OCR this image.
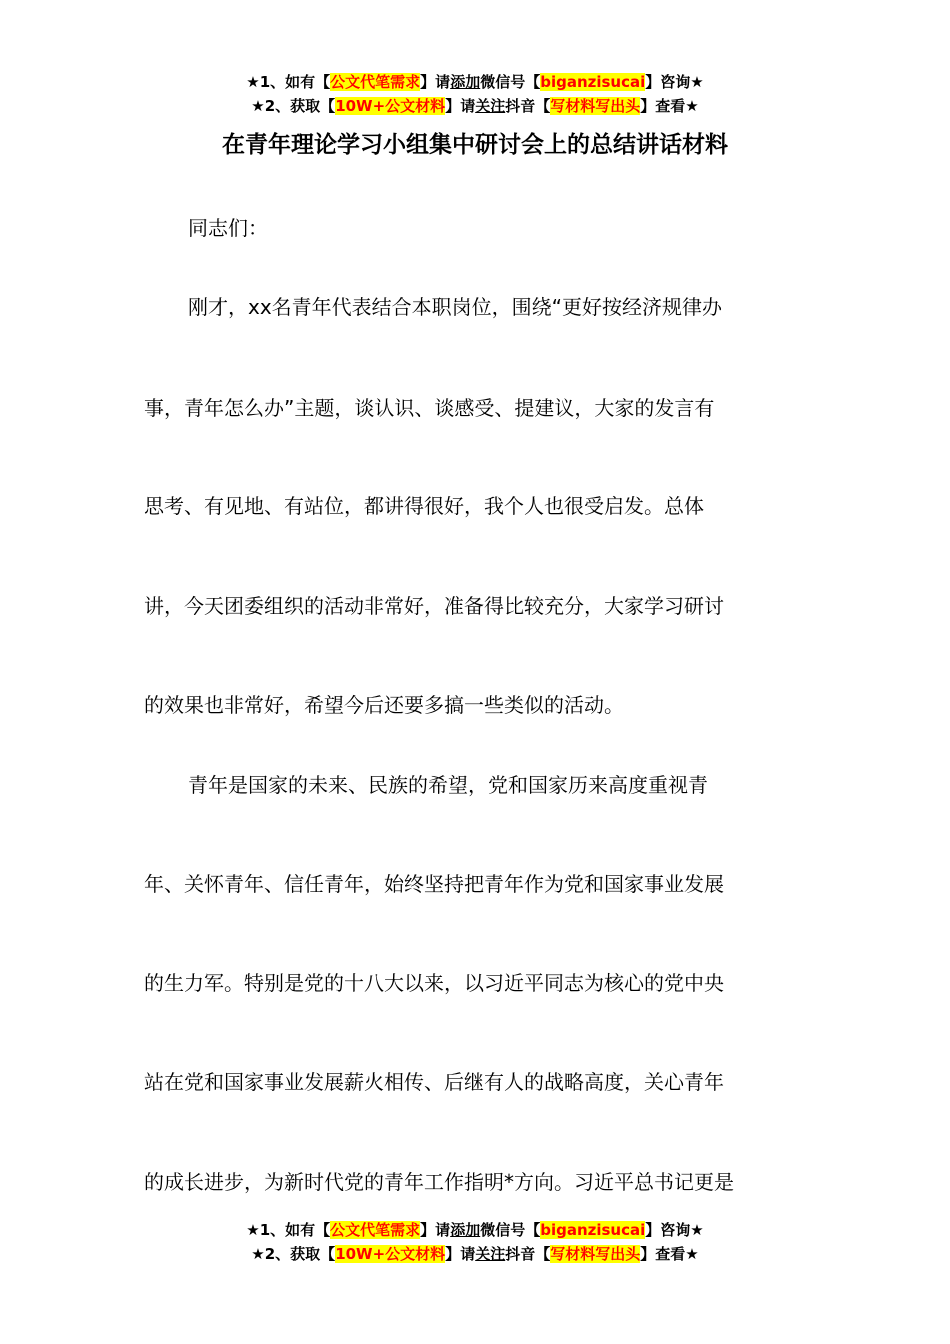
★1、如有【公文代笔需求】请添加微信号【biganzisucai】咨询★
★2、获取【10W+公文材料】请关注抖音【写材料写出头】查看★
在青年理论学习小组集中研讨会上的总结讲话材料
同志们：
刚才，xx名青年代表结合本职岗位，围绕“更好按经济规律办
事，青年怎么办”主题，谈认识、谈感受、提建议，大家的发言有
思考、有见地、有站位，都讲得很好，我个人也很受启发。总体
讲，今天团委组织的活动非常好，准备得比较充分，大家学习研讨
的效果也非常好，希望今后还要多搞一些类似的活动。
青年是国家的未来、民族的希望，党和国家历来高度重视青
年、关怀青年、信任青年，始终坚持把青年作为党和国家事业发展
的生力军。特别是党的十八大以来，以习近平同志为核心的党中央
站在党和国家事业发展薪火相传、后继有人的战略高度，关心青年
的成长进步，为新时代党的青年工作指明*方向。习近平总书记更是
★1、如有【公文代笔需求】请添加微信号【biganzisucai】咨询★
★2、获取【10W+公文材料】请关注抖音【写材料写出头】查看★
